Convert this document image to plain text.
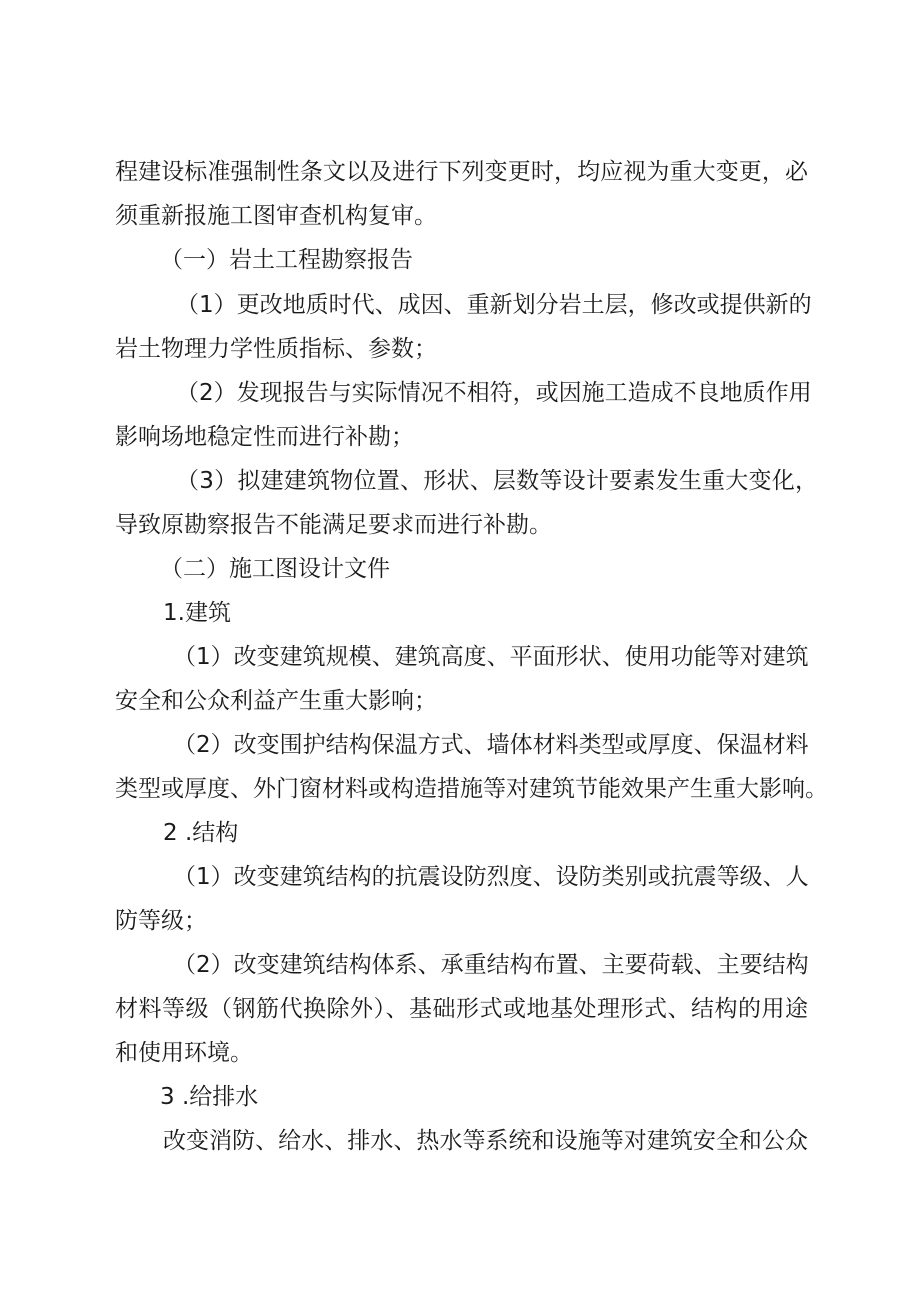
程建设标准强制性条文以及进行下列变更时，均应视为重大变更，必

须重新报施工图审查机构复审。

（一）岩土工程勘察报告

（1）更改地质时代、成因、重新划分岩土层，修改或提供新的

岩土物理力学性质指标、参数；

（2）发现报告与实际情况不相符，或因施工造成不良地质作用

影响场地稳定性而进行补勘；

（3）拟建建筑物位置、形状、层数等设计要素发生重大变化，

导致原勘察报告不能满足要求而进行补勘。

（二）施工图设计文件

1.建筑

（1）改变建筑规模、建筑高度、平面形状、使用功能等对建筑

安全和公众利益产生重大影响；

（2）改变围护结构保温方式、墙体材料类型或厚度、保温材料

类型或厚度、外门窗材料或构造措施等对建筑节能效果产生重大影响。

2 .结构

（1）改变建筑结构的抗震设防烈度、设防类别或抗震等级、人

防等级；

（2）改变建筑结构体系、承重结构布置、主要荷载、主要结构

材料等级（钢筋代换除外）、基础形式或地基处理形式、结构的用途

和使用环境。

3 .给排水

改变消防、给水、排水、热水等系统和设施等对建筑安全和公众
